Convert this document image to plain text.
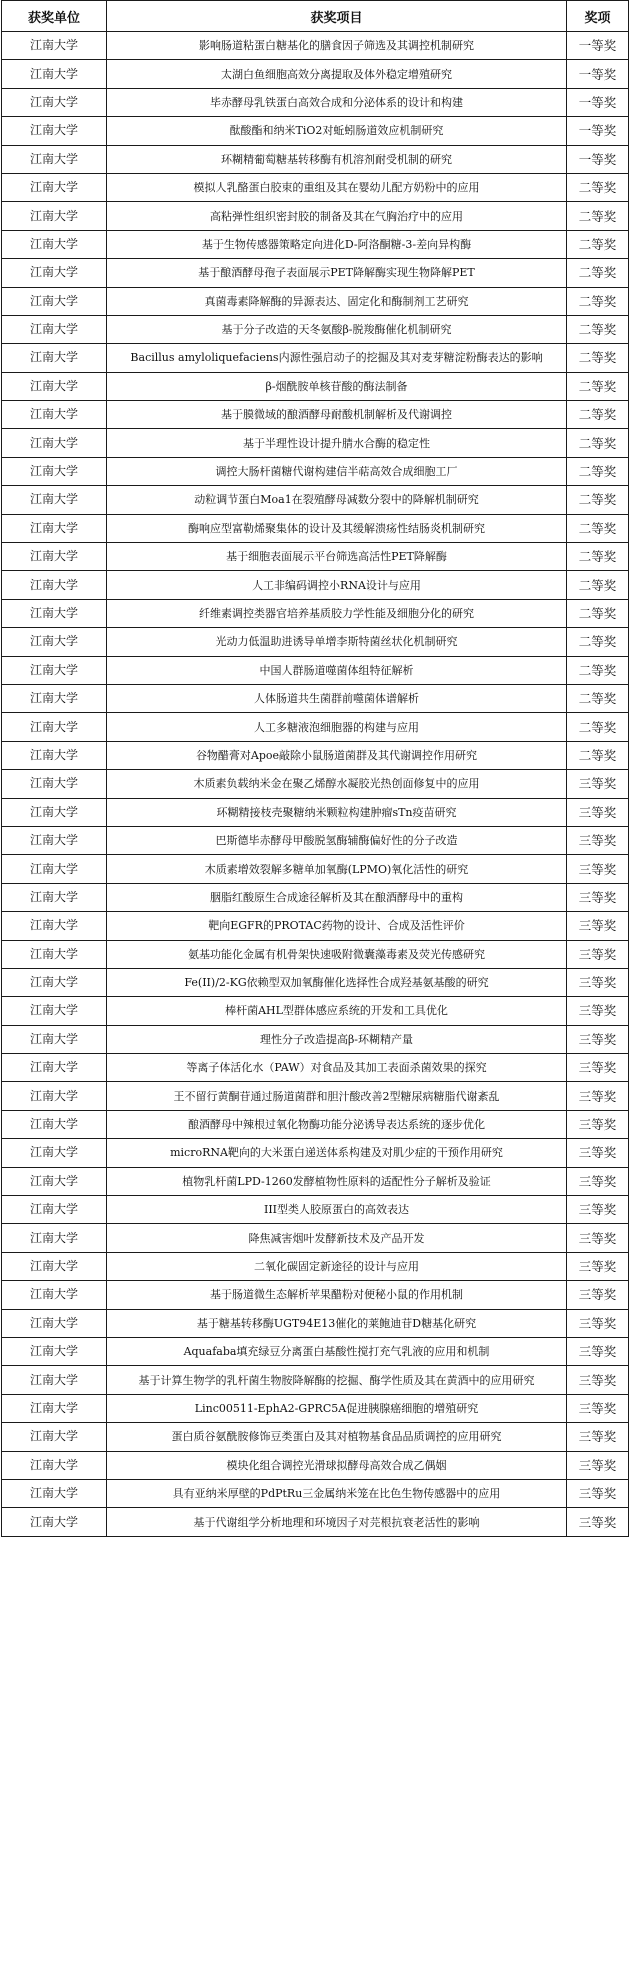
获奖单位	获奖项目	奖项
江南大学	影响肠道粘蛋白糖基化的膳食因子筛选及其调控机制研究	一等奖
江南大学	太湖白鱼细胞高效分离提取及体外稳定增殖研究	一等奖
江南大学	毕赤酵母乳铁蛋白高效合成和分泌体系的设计和构建	一等奖
江南大学	酞酸酯和纳米TiO2对蚯蚓肠道效应机制研究	一等奖
江南大学	环糊精葡萄糖基转移酶有机溶剂耐受机制的研究	一等奖
江南大学	模拟人乳酪蛋白胶束的重组及其在婴幼儿配方奶粉中的应用	二等奖
江南大学	高粘弹性组织密封胶的制备及其在气胸治疗中的应用	二等奖
江南大学	基于生物传感器策略定向进化D-阿洛酮糖-3-差向异构酶	二等奖
江南大学	基于酿酒酵母孢子表面展示PET降解酶实现生物降解PET	二等奖
江南大学	真菌毒素降解酶的异源表达、固定化和酶制剂工艺研究	二等奖
江南大学	基于分子改造的天冬氨酸β-脱羧酶催化机制研究	二等奖
江南大学	Bacillus amyloliquefaciens内源性强启动子的挖掘及其对麦芽糖淀粉酶表达的影响	二等奖
江南大学	β-烟酰胺单核苷酸的酶法制备	二等奖
江南大学	基于膜微域的酿酒酵母耐酸机制解析及代谢调控	二等奖
江南大学	基于半理性设计提升腈水合酶的稳定性	二等奖
江南大学	调控大肠杆菌糖代谢构建信半萜高效合成细胞工厂	二等奖
江南大学	动粒调节蛋白Moa1在裂殖酵母减数分裂中的降解机制研究	二等奖
江南大学	酶响应型富勒烯聚集体的设计及其缓解溃疡性结肠炎机制研究	二等奖
江南大学	基于细胞表面展示平台筛选高活性PET降解酶	二等奖
江南大学	人工非编码调控小RNA设计与应用	二等奖
江南大学	纤维素调控类器官培养基质胶力学性能及细胞分化的研究	二等奖
江南大学	光动力低温助进诱导单增李斯特菌丝状化机制研究	二等奖
江南大学	中国人群肠道噬菌体组特征解析	二等奖
江南大学	人体肠道共生菌群前噬菌体谱解析	二等奖
江南大学	人工多糖液泡细胞器的构建与应用	二等奖
江南大学	谷物醋膏对Apoe敲除小鼠肠道菌群及其代谢调控作用研究	二等奖
江南大学	木质素负载纳米金在聚乙烯醇水凝胶光热创面修复中的应用	三等奖
江南大学	环糊精接枝壳聚糖纳米颗粒构建肿瘤sTn疫苗研究	三等奖
江南大学	巴斯德毕赤酵母甲酸脱氢酶辅酶偏好性的分子改造	三等奖
江南大学	木质素增效裂解多糖单加氧酶(LPMO)氧化活性的研究	三等奖
江南大学	胭脂红酸原生合成途径解析及其在酿酒酵母中的重构	三等奖
江南大学	靶向EGFR的PROTAC药物的设计、合成及活性评价	三等奖
江南大学	氨基功能化金属有机骨架快速吸附微囊藻毒素及荧光传感研究	三等奖
江南大学	Fe(II)/2-KG依赖型双加氧酶催化选择性合成羟基氨基酸的研究	三等奖
江南大学	棒杆菌AHL型群体感应系统的开发和工具优化	三等奖
江南大学	理性分子改造提高β-环糊精产量	三等奖
江南大学	等离子体活化水（PAW）对食品及其加工表面杀菌效果的探究	三等奖
江南大学	王不留行黄酮苷通过肠道菌群和胆汁酸改善2型糖尿病糖脂代谢紊乱	三等奖
江南大学	酿酒酵母中辣根过氧化物酶功能分泌诱导表达系统的逐步优化	三等奖
江南大学	microRNA靶向的大米蛋白递送体系构建及对肌少症的干预作用研究	三等奖
江南大学	植物乳杆菌LPD-1260发酵植物性原料的适配性分子解析及验证	三等奖
江南大学	III型类人胶原蛋白的高效表达	三等奖
江南大学	降焦减害烟叶发酵新技术及产品开发	三等奖
江南大学	二氧化碳固定新途径的设计与应用	三等奖
江南大学	基于肠道微生态解析苹果醋粉对便秘小鼠的作用机制	三等奖
江南大学	基于糖基转移酶UGT94E13催化的莱鲍迪苷D糖基化研究	三等奖
江南大学	Aquafaba填充绿豆分离蛋白基酸性搅打充气乳液的应用和机制	三等奖
江南大学	基于计算生物学的乳杆菌生物胺降解酶的挖掘、酶学性质及其在黄酒中的应用研究	三等奖
江南大学	Linc00511-EphA2-GPRC5A促进胰腺癌细胞的增殖研究	三等奖
江南大学	蛋白质谷氨酰胺修饰豆类蛋白及其对植物基食品品质调控的应用研究	三等奖
江南大学	模块化组合调控光滑球拟酵母高效合成乙偶姻	三等奖
江南大学	具有亚纳米厚壁的PdPtRu三金属纳米笼在比色生物传感器中的应用	三等奖
江南大学	基于代谢组学分析地理和环境因子对芫根抗衰老活性的影响	三等奖
